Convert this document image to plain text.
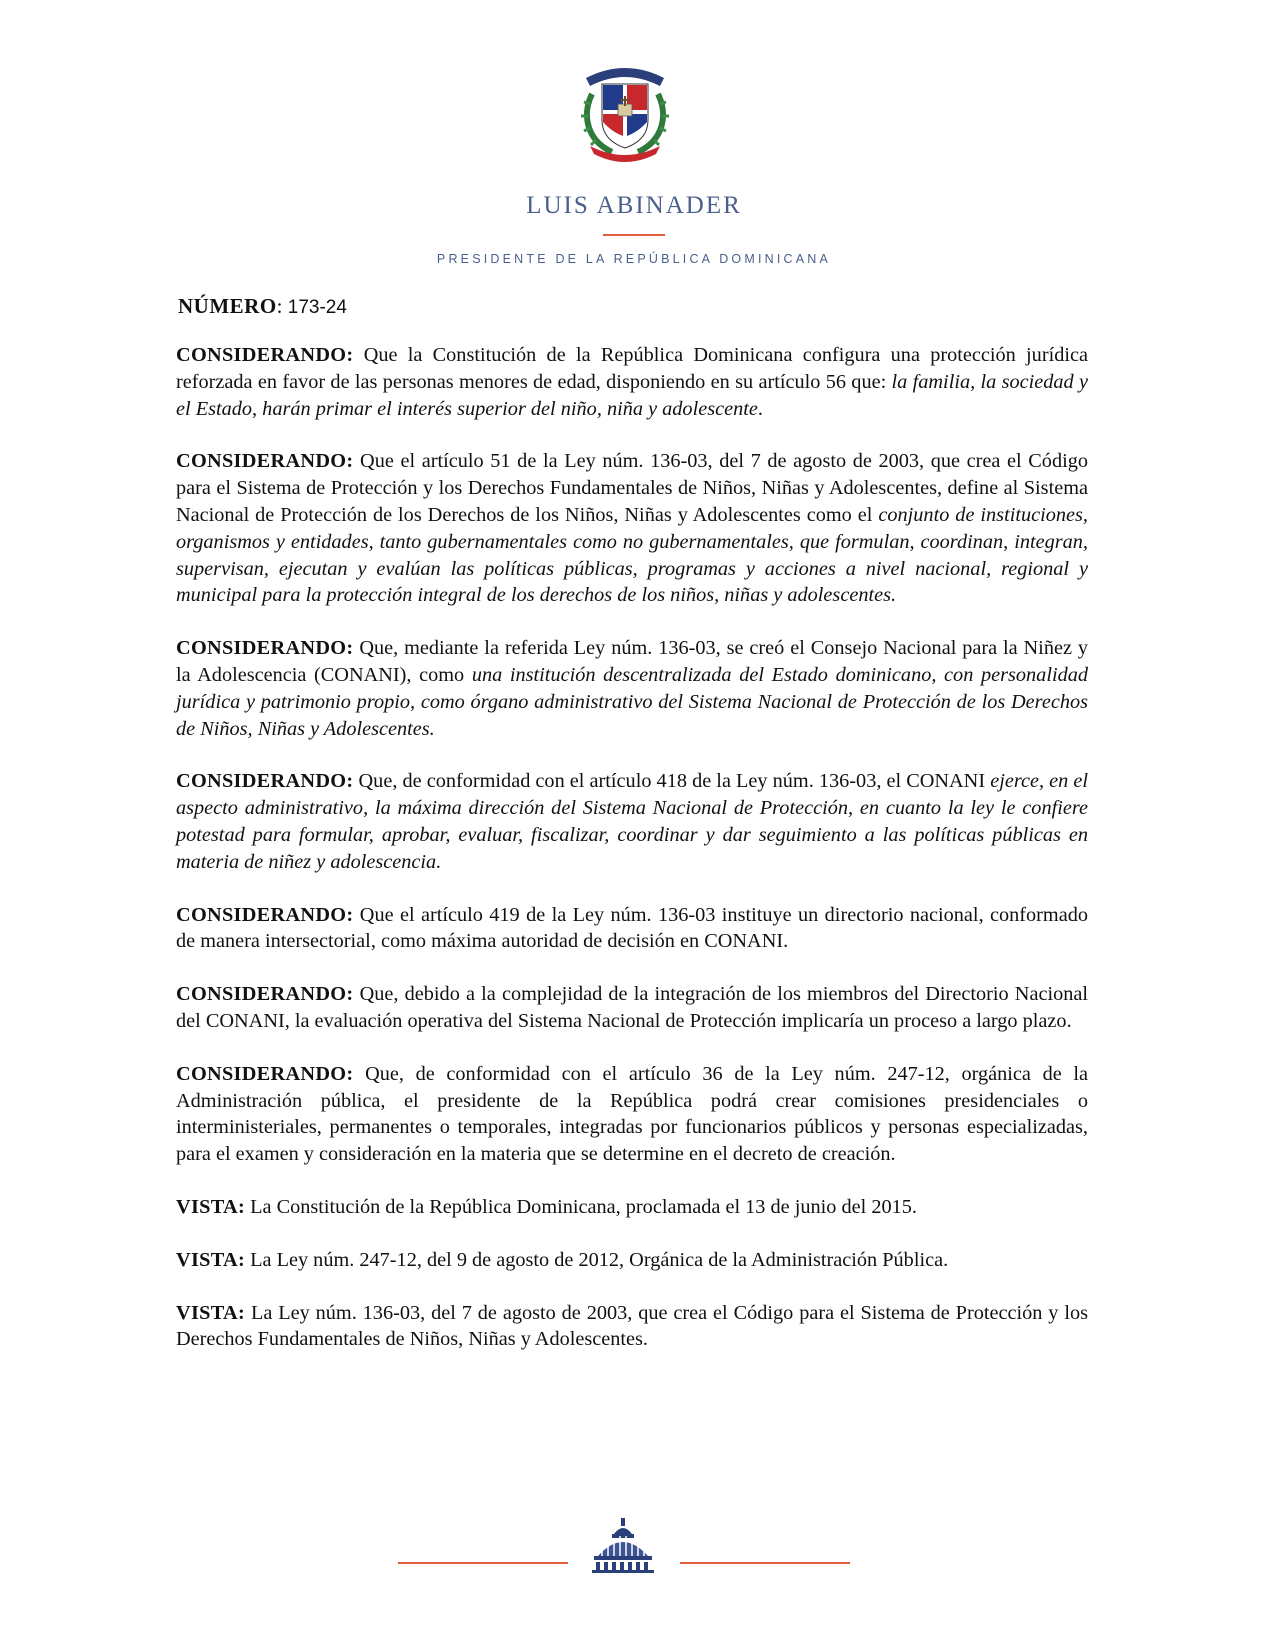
LUIS ABINADER
PRESIDENTE DE LA REPÚBLICA DOMINICANA
NÚMERO: 173-24

CONSIDERANDO: Que la Constitución de la República Dominicana configura una protección jurídica reforzada en favor de las personas menores de edad, disponiendo en su artículo 56 que: la familia, la sociedad y el Estado, harán primar el interés superior del niño, niña y adolescente.

CONSIDERANDO: Que el artículo 51 de la Ley núm. 136-03, del 7 de agosto de 2003, que crea el Código para el Sistema de Protección y los Derechos Fundamentales de Niños, Niñas y Adolescentes, define al Sistema Nacional de Protección de los Derechos de los Niños, Niñas y Adolescentes como el conjunto de instituciones, organismos y entidades, tanto gubernamentales como no gubernamentales, que formulan, coordinan, integran, supervisan, ejecutan y evalúan las políticas públicas, programas y acciones a nivel nacional, regional y municipal para la protección integral de los derechos de los niños, niñas y adolescentes.

CONSIDERANDO: Que, mediante la referida Ley núm. 136-03, se creó el Consejo Nacional para la Niñez y la Adolescencia (CONANI), como una institución descentralizada del Estado dominicano, con personalidad jurídica y patrimonio propio, como órgano administrativo del Sistema Nacional de Protección de los Derechos de Niños, Niñas y Adolescentes.

CONSIDERANDO: Que, de conformidad con el artículo 418 de la Ley núm. 136-03, el CONANI ejerce, en el aspecto administrativo, la máxima dirección del Sistema Nacional de Protección, en cuanto la ley le confiere potestad para formular, aprobar, evaluar, fiscalizar, coordinar y dar seguimiento a las políticas públicas en materia de niñez y adolescencia.

CONSIDERANDO: Que el artículo 419 de la Ley núm. 136-03 instituye un directorio nacional, conformado de manera intersectorial, como máxima autoridad de decisión en CONANI.

CONSIDERANDO: Que, debido a la complejidad de la integración de los miembros del Directorio Nacional del CONANI, la evaluación operativa del Sistema Nacional de Protección implicaría un proceso a largo plazo.

CONSIDERANDO: Que, de conformidad con el artículo 36 de la Ley núm. 247-12, orgánica de la Administración pública, el presidente de la República podrá crear comisiones presidenciales o interministeriales, permanentes o temporales, integradas por funcionarios públicos y personas especializadas, para el examen y consideración en la materia que se determine en el decreto de creación.

VISTA: La Constitución de la República Dominicana, proclamada el 13 de junio del 2015.

VISTA: La Ley núm. 247-12, del 9 de agosto de 2012, Orgánica de la Administración Pública.

VISTA: La Ley núm. 136-03, del 7 de agosto de 2003, que crea el Código para el Sistema de Protección y los Derechos Fundamentales de Niños, Niñas y Adolescentes.
